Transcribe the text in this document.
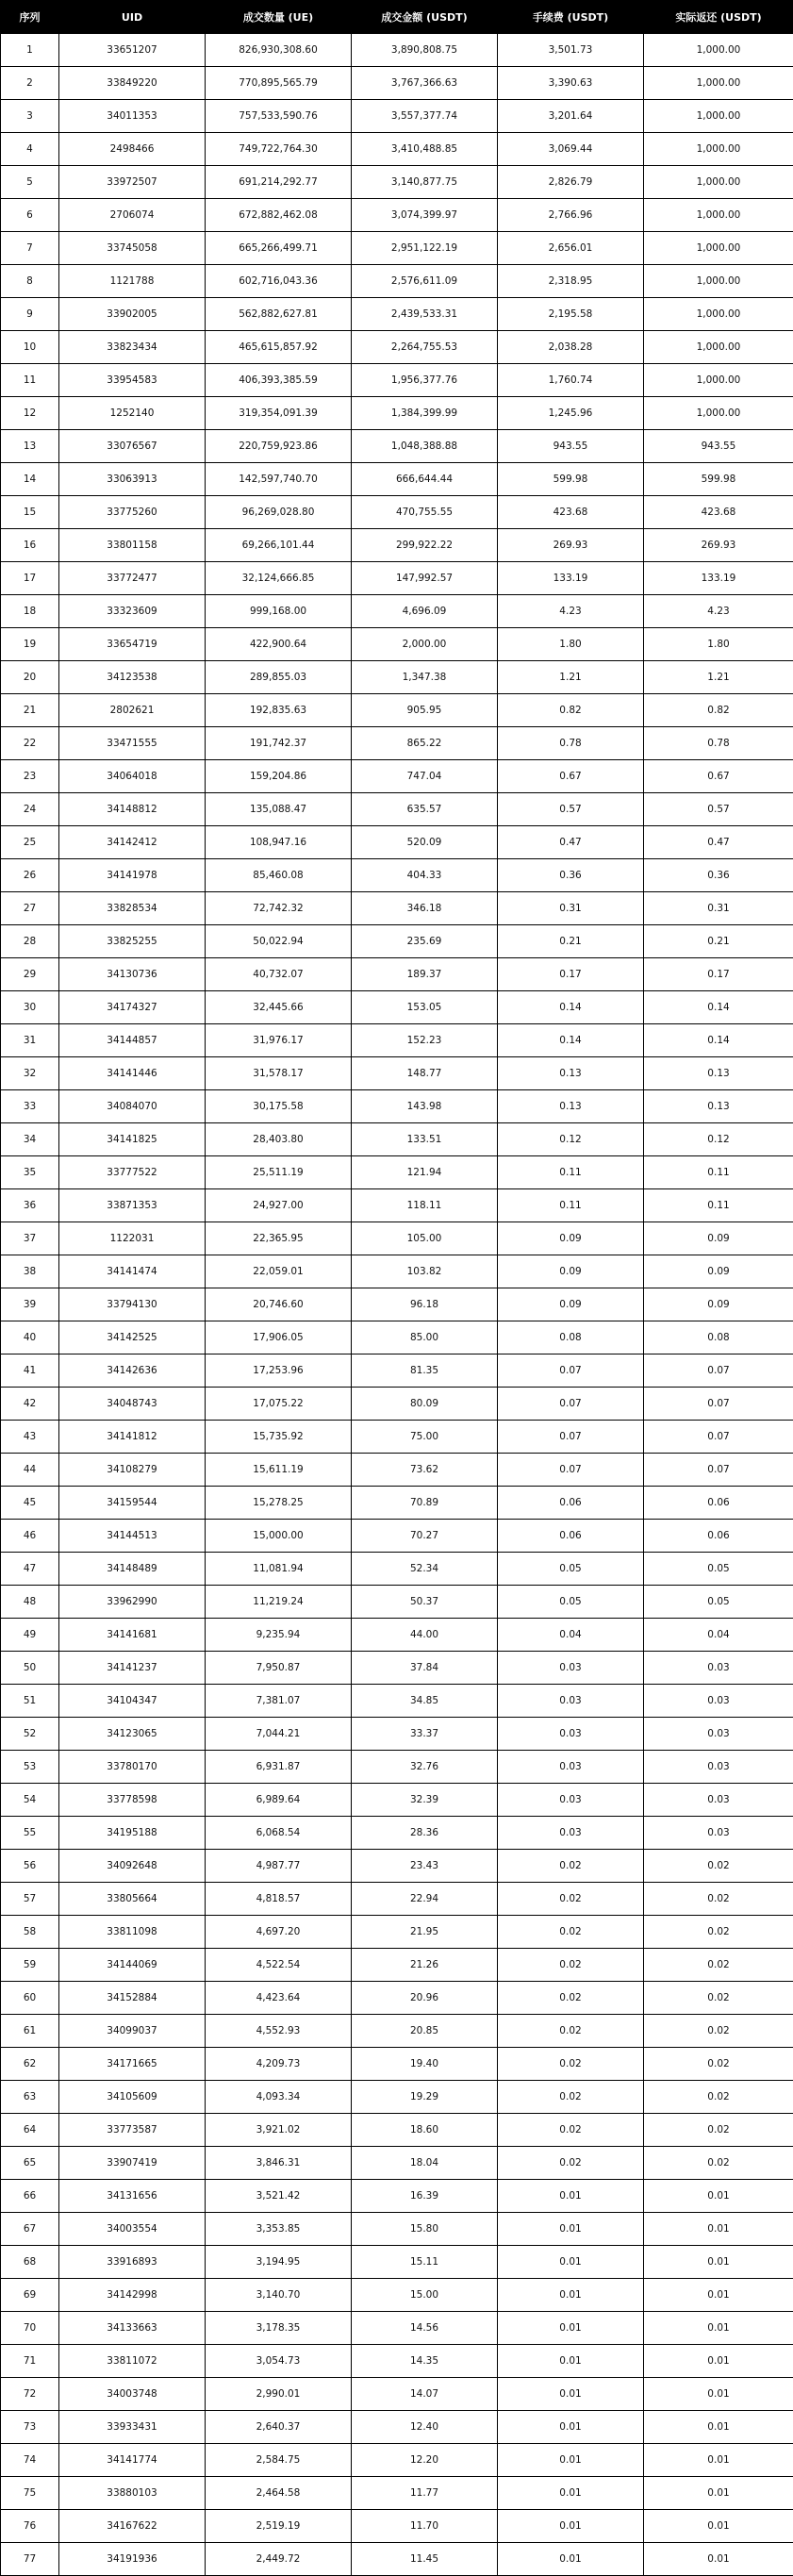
序列	UID	成交数量 (UE)	成交金额 (USDT)	手续费 (USDT)	实际返还 (USDT)
1	33651207	826,930,308.60	3,890,808.75	3,501.73	1,000.00
2	33849220	770,895,565.79	3,767,366.63	3,390.63	1,000.00
3	34011353	757,533,590.76	3,557,377.74	3,201.64	1,000.00
4	2498466	749,722,764.30	3,410,488.85	3,069.44	1,000.00
5	33972507	691,214,292.77	3,140,877.75	2,826.79	1,000.00
6	2706074	672,882,462.08	3,074,399.97	2,766.96	1,000.00
7	33745058	665,266,499.71	2,951,122.19	2,656.01	1,000.00
8	1121788	602,716,043.36	2,576,611.09	2,318.95	1,000.00
9	33902005	562,882,627.81	2,439,533.31	2,195.58	1,000.00
10	33823434	465,615,857.92	2,264,755.53	2,038.28	1,000.00
11	33954583	406,393,385.59	1,956,377.76	1,760.74	1,000.00
12	1252140	319,354,091.39	1,384,399.99	1,245.96	1,000.00
13	33076567	220,759,923.86	1,048,388.88	943.55	943.55
14	33063913	142,597,740.70	666,644.44	599.98	599.98
15	33775260	96,269,028.80	470,755.55	423.68	423.68
16	33801158	69,266,101.44	299,922.22	269.93	269.93
17	33772477	32,124,666.85	147,992.57	133.19	133.19
18	33323609	999,168.00	4,696.09	4.23	4.23
19	33654719	422,900.64	2,000.00	1.80	1.80
20	34123538	289,855.03	1,347.38	1.21	1.21
21	2802621	192,835.63	905.95	0.82	0.82
22	33471555	191,742.37	865.22	0.78	0.78
23	34064018	159,204.86	747.04	0.67	0.67
24	34148812	135,088.47	635.57	0.57	0.57
25	34142412	108,947.16	520.09	0.47	0.47
26	34141978	85,460.08	404.33	0.36	0.36
27	33828534	72,742.32	346.18	0.31	0.31
28	33825255	50,022.94	235.69	0.21	0.21
29	34130736	40,732.07	189.37	0.17	0.17
30	34174327	32,445.66	153.05	0.14	0.14
31	34144857	31,976.17	152.23	0.14	0.14
32	34141446	31,578.17	148.77	0.13	0.13
33	34084070	30,175.58	143.98	0.13	0.13
34	34141825	28,403.80	133.51	0.12	0.12
35	33777522	25,511.19	121.94	0.11	0.11
36	33871353	24,927.00	118.11	0.11	0.11
37	1122031	22,365.95	105.00	0.09	0.09
38	34141474	22,059.01	103.82	0.09	0.09
39	33794130	20,746.60	96.18	0.09	0.09
40	34142525	17,906.05	85.00	0.08	0.08
41	34142636	17,253.96	81.35	0.07	0.07
42	34048743	17,075.22	80.09	0.07	0.07
43	34141812	15,735.92	75.00	0.07	0.07
44	34108279	15,611.19	73.62	0.07	0.07
45	34159544	15,278.25	70.89	0.06	0.06
46	34144513	15,000.00	70.27	0.06	0.06
47	34148489	11,081.94	52.34	0.05	0.05
48	33962990	11,219.24	50.37	0.05	0.05
49	34141681	9,235.94	44.00	0.04	0.04
50	34141237	7,950.87	37.84	0.03	0.03
51	34104347	7,381.07	34.85	0.03	0.03
52	34123065	7,044.21	33.37	0.03	0.03
53	33780170	6,931.87	32.76	0.03	0.03
54	33778598	6,989.64	32.39	0.03	0.03
55	34195188	6,068.54	28.36	0.03	0.03
56	34092648	4,987.77	23.43	0.02	0.02
57	33805664	4,818.57	22.94	0.02	0.02
58	33811098	4,697.20	21.95	0.02	0.02
59	34144069	4,522.54	21.26	0.02	0.02
60	34152884	4,423.64	20.96	0.02	0.02
61	34099037	4,552.93	20.85	0.02	0.02
62	34171665	4,209.73	19.40	0.02	0.02
63	34105609	4,093.34	19.29	0.02	0.02
64	33773587	3,921.02	18.60	0.02	0.02
65	33907419	3,846.31	18.04	0.02	0.02
66	34131656	3,521.42	16.39	0.01	0.01
67	34003554	3,353.85	15.80	0.01	0.01
68	33916893	3,194.95	15.11	0.01	0.01
69	34142998	3,140.70	15.00	0.01	0.01
70	34133663	3,178.35	14.56	0.01	0.01
71	33811072	3,054.73	14.35	0.01	0.01
72	34003748	2,990.01	14.07	0.01	0.01
73	33933431	2,640.37	12.40	0.01	0.01
74	34141774	2,584.75	12.20	0.01	0.01
75	33880103	2,464.58	11.77	0.01	0.01
76	34167622	2,519.19	11.70	0.01	0.01
77	34191936	2,449.72	11.45	0.01	0.01
